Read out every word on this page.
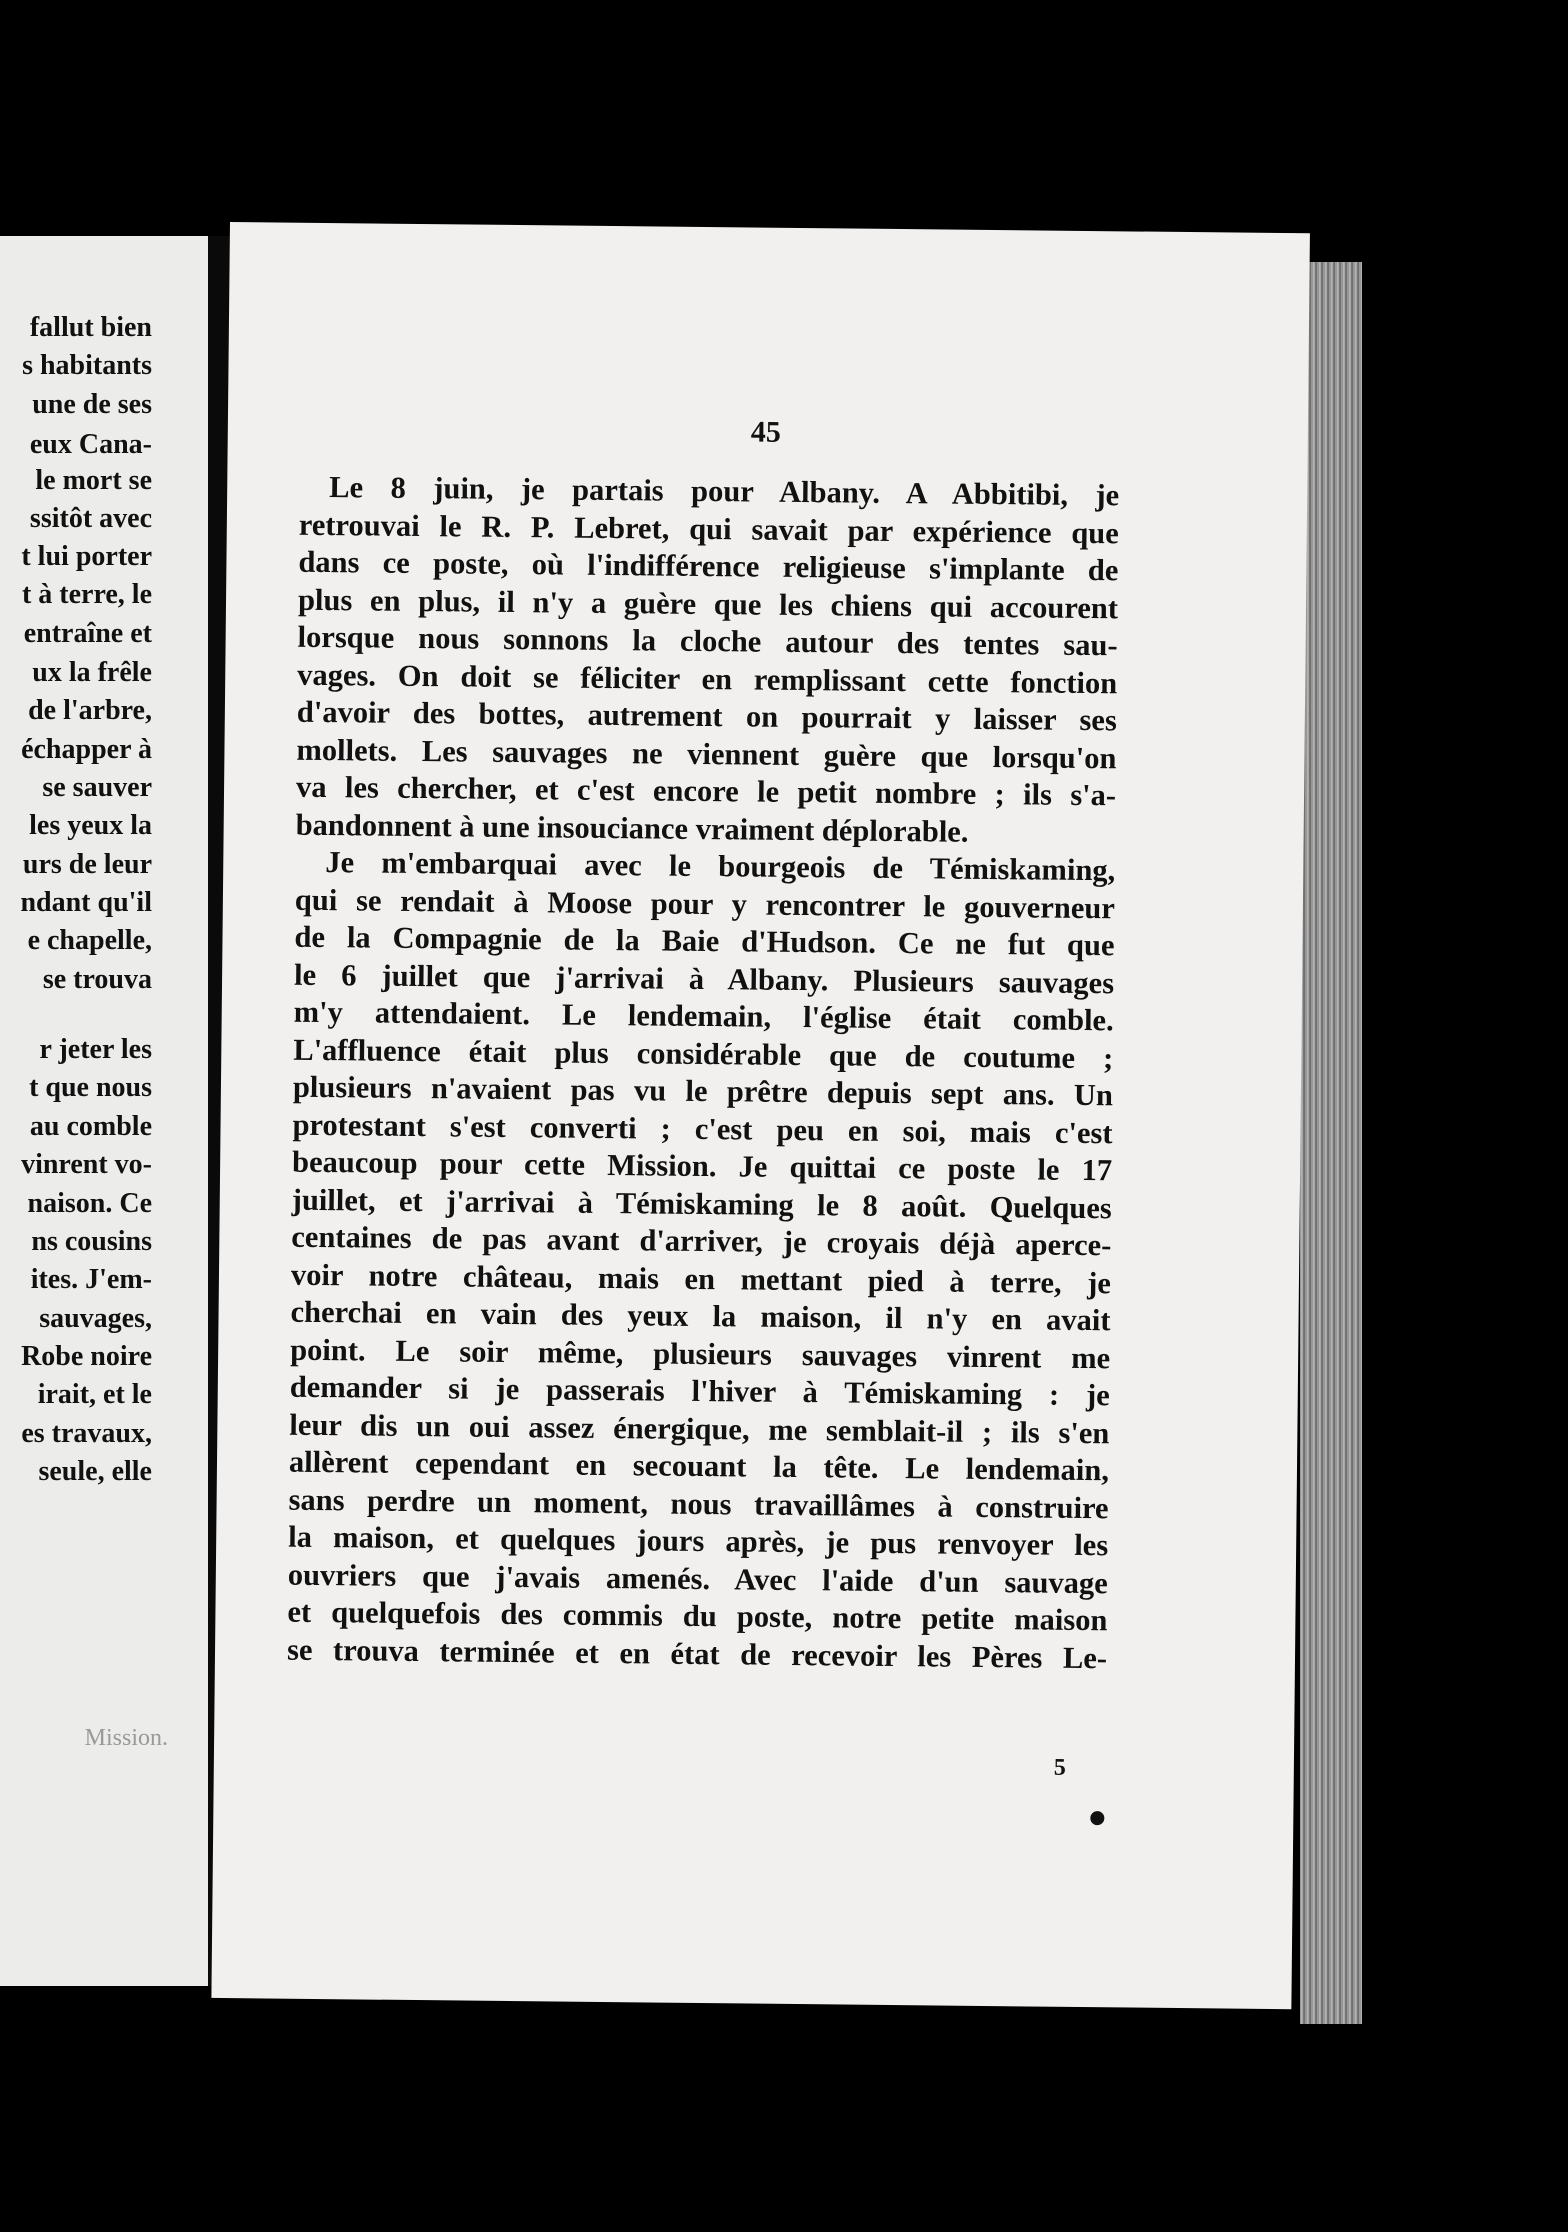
fallut bien
s habitants
une de ses
eux Cana-
le mort se
ssitôt avec
t lui porter
t à terre, le
entraîne et
ux la frêle
de l'arbre,
échapper à
se sauver
les yeux la
urs de leur
ndant qu'il
e chapelle,
se trouva
r jeter les
t que nous
au comble
vinrent vo-
naison. Ce
ns cousins
ites. J'em-
sauvages,
Robe noire
irait, et le
es travaux,
seule, elle
Mission.
45

Le 8 juin, je partais pour Albany. A Abbitibi, je
retrouvai le R. P. Lebret, qui savait par expérience que
dans ce poste, où l'indifférence religieuse s'implante de
plus en plus, il n'y a guère que les chiens qui accourent
lorsque nous sonnons la cloche autour des tentes sau-
vages. On doit se féliciter en remplissant cette fonction
d'avoir des bottes, autrement on pourrait y laisser ses
mollets. Les sauvages ne viennent guère que lorsqu'on
va les chercher, et c'est encore le petit nombre ; ils s'a-
bandonnent à une insouciance vraiment déplorable.

Je m'embarquai avec le bourgeois de Témiskaming,
qui se rendait à Moose pour y rencontrer le gouverneur
de la Compagnie de la Baie d'Hudson. Ce ne fut que
le 6 juillet que j'arrivai à Albany. Plusieurs sauvages
m'y attendaient. Le lendemain, l'église était comble.
L'affluence était plus considérable que de coutume ;
plusieurs n'avaient pas vu le prêtre depuis sept ans. Un
protestant s'est converti ; c'est peu en soi, mais c'est
beaucoup pour cette Mission. Je quittai ce poste le 17
juillet, et j'arrivai à Témiskaming le 8 août. Quelques
centaines de pas avant d'arriver, je croyais déjà aperce-
voir notre château, mais en mettant pied à terre, je
cherchai en vain des yeux la maison, il n'y en avait
point. Le soir même, plusieurs sauvages vinrent me
demander si je passerais l'hiver à Témiskaming : je
leur dis un oui assez énergique, me semblait-il ; ils s'en
allèrent cependant en secouant la tête. Le lendemain,
sans perdre un moment, nous travaillâmes à construire
la maison, et quelques jours après, je pus renvoyer les
ouvriers que j'avais amenés. Avec l'aide d'un sauvage
et quelquefois des commis du poste, notre petite maison
se trouva terminée et en état de recevoir les Pères Le-

5
